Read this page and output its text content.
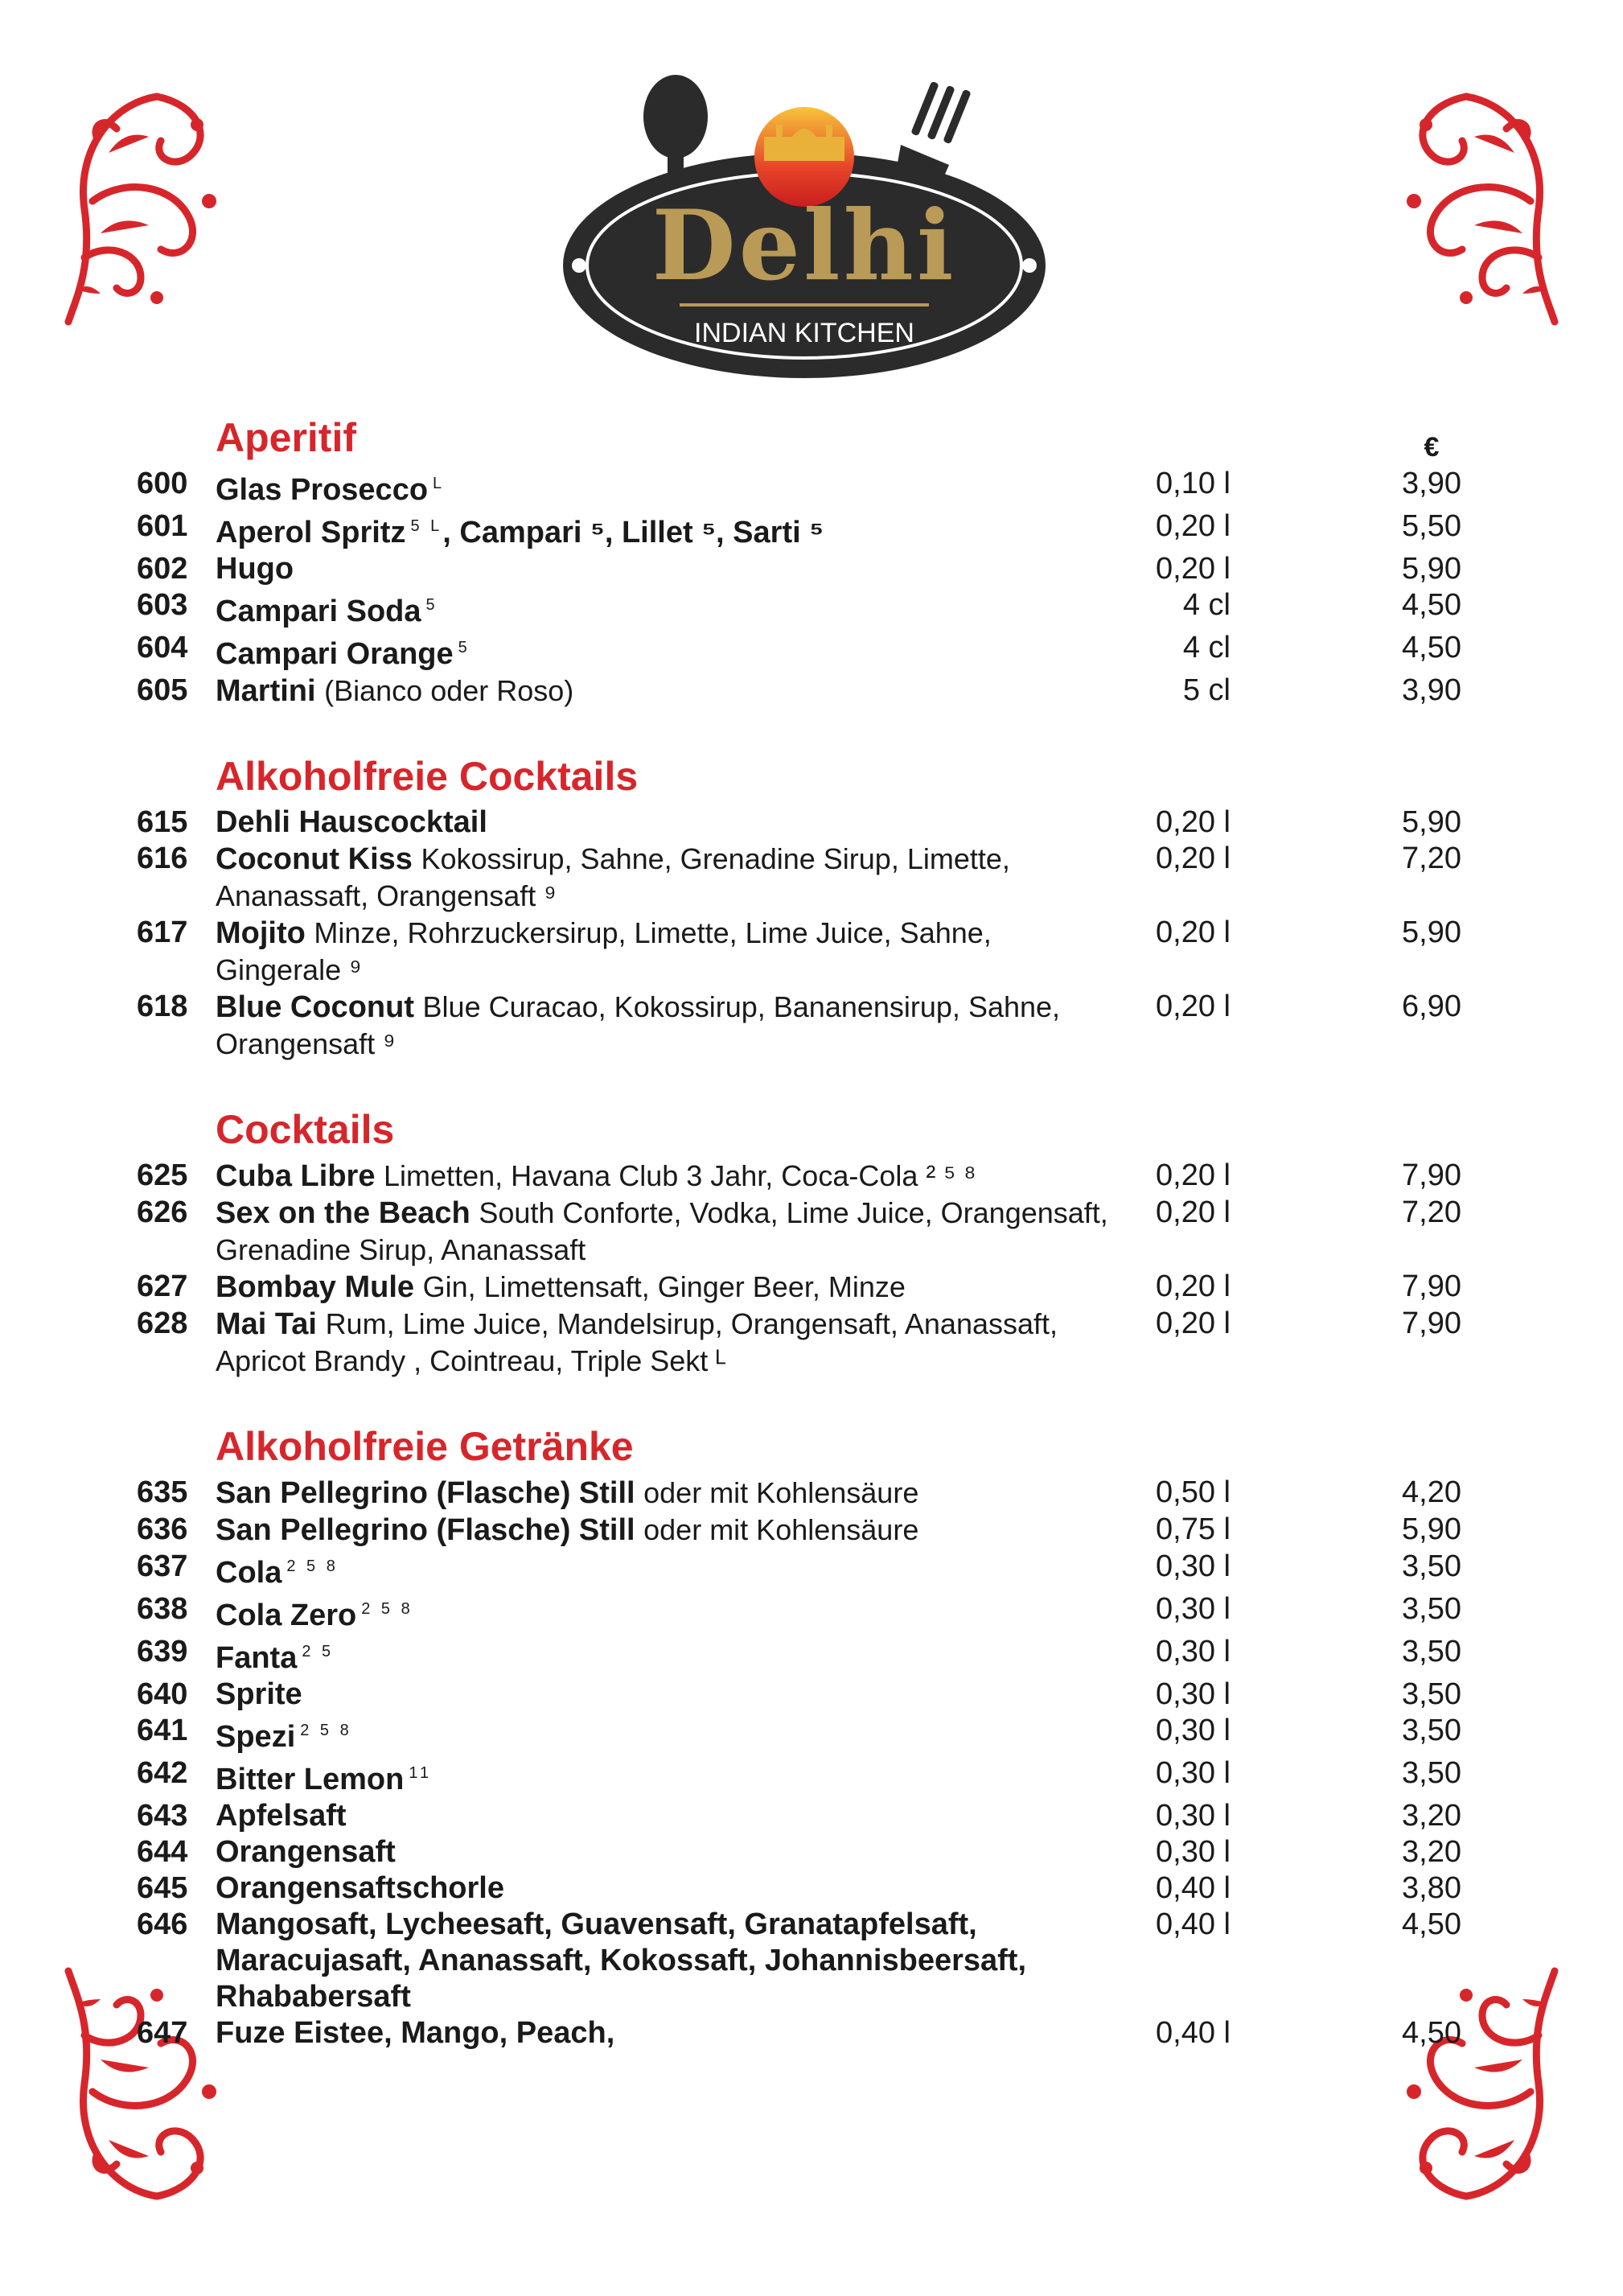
Delhi
INDIAN KITCHEN
Aperitif	€
600 Glas Prosecco $^L$	0,10 l	3,90
601 Aperol Spritz $^{5 L}$, Campari ⁵, Lillet ⁵, Sarti ⁵	0,20 l	5,50
602 Hugo	0,20 l	5,90
603 Campari Soda $^5$	4 cl	4,50
604 Campari Orange $^5$	4 cl	4,50
605 Martini (Bianco oder Roso)	5 cl	3,90
Alkoholfreie Cocktails
615 Dehli Hauscocktail	0,20 l	5,90
616 Coconut Kiss Kokossirup, Sahne, Grenadine Sirup, Limette, Ananassaft, Orangensaft ⁹
0,20 l	7,20
617 Mojito Minze, Rohrzuckersirup, Limette, Lime Juice, Sahne, Gingerale ⁹
0,20 l	5,90
618 Blue Coconut Blue Curacao, Kokossirup, Bananensirup, Sahne, Orangensaft ⁹
0,20 l	6,90
Cocktails
625 Cuba Libre Limetten, Havana Club 3 Jahr, Coca-Cola ² ⁵ ⁸	0,20 l	7,90
626 Sex on the Beach South Conforte, Vodka, Lime Juice, Orangensaft, Grenadine Sirup, Ananassaft
0,20 l	7,20
627 Bombay Mule Gin, Limettensaft, Ginger Beer, Minze	0,20 l	7,90
628 Mai Tai Rum, Lime Juice, Mandelsirup, Orangensaft, Ananassaft, Apricot Brandy , Cointreau, Triple Sekt ᴸ
0,20 l	7,90
Alkoholfreie Getränke
635 San Pellegrino (Flasche) Still oder mit Kohlensäure	0,50 l	4,20
636 San Pellegrino (Flasche) Still oder mit Kohlensäure	0,75 l	5,90
637 Cola $^{2 5 8}$	0,30 l	3,50
638 Cola Zero $^{2 5 8}$	0,30 l	3,50
639 Fanta $^{2 5}$	0,30 l	3,50
640 Sprite	0,30 l	3,50
641 Spezi $^{2 5 8}$	0,30 l	3,50
642 Bitter Lemon $^{11}$	0,30 l	3,50
643 Apfelsaft	0,30 l	3,20
644 Orangensaft	0,30 l	3,20
645 Orangensaftschorle	0,40 l	3,80
646 Mangosaft, Lycheesaft, Guavensaft, Granatapfelsaft, Maracujasaft, Ananassaft, Kokossaft, Johannisbeersaft, Rhababersaft
0,40 l	4,50
647 Fuze Eistee, Mango, Peach,	0,40 l	4,50
